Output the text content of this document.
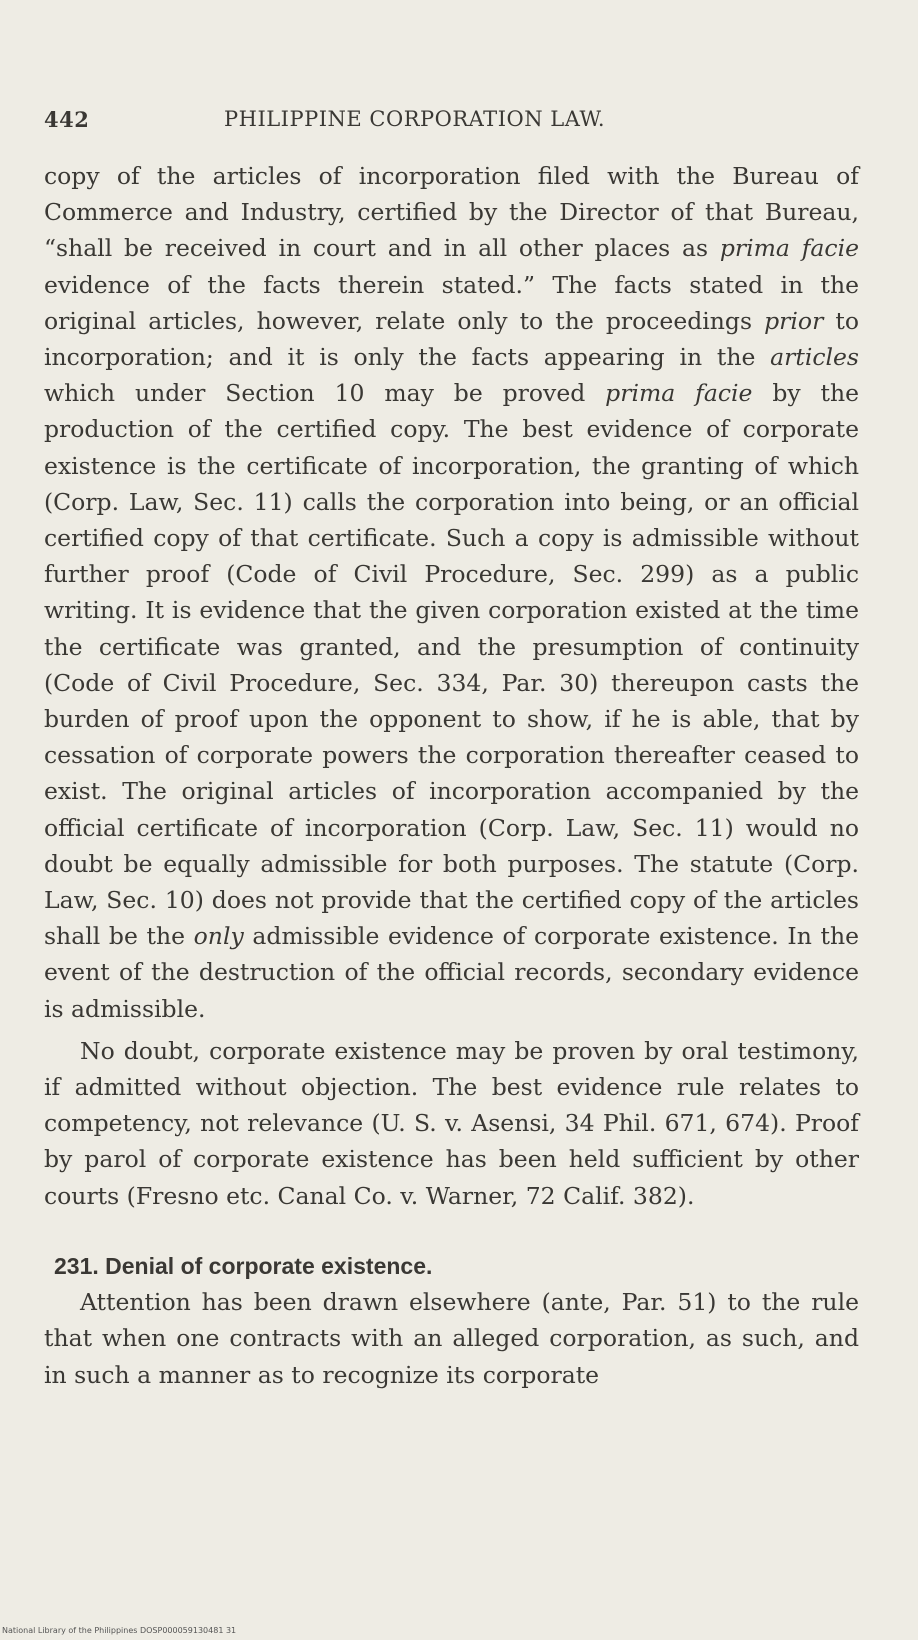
442	PHILIPPINE CORPORATION LAW.

copy of the articles of incorporation filed with the Bureau of Commerce and Industry, certified by the Director of that Bureau, “shall be received in court and in all other places as prima facie evidence of the facts therein stated.” The facts stated in the original articles, however, relate only to the proceedings prior to incorporation; and it is only the facts appearing in the articles which under Section 10 may be proved prima facie by the production of the certified copy. The best evidence of corporate existence is the certificate of incorporation, the granting of which (Corp. Law, Sec. 11) calls the corporation into being, or an official certified copy of that certificate. Such a copy is admissible without further proof (Code of Civil Procedure, Sec. 299) as a public writing. It is evidence that the given corporation existed at the time the certificate was granted, and the presumption of continuity (Code of Civil Procedure, Sec. 334, Par. 30) thereupon casts the burden of proof upon the opponent to show, if he is able, that by cessation of corporate powers the corporation thereafter ceased to exist. The original articles of incorporation accompanied by the official certificate of incorporation (Corp. Law, Sec. 11) would no doubt be equally admissible for both purposes. The statute (Corp. Law, Sec. 10) does not provide that the certified copy of the articles shall be the only admissible evidence of corporate existence. In the event of the destruction of the official records, secondary evidence is admissible.

No doubt, corporate existence may be proven by oral testimony, if admitted without objection. The best evidence rule relates to competency, not relevance (U. S. v. Asensi, 34 Phil. 671, 674). Proof by parol of corporate existence has been held sufficient by other courts (Fresno etc. Canal Co. v. Warner, 72 Calif. 382).

231. Denial of corporate existence.

Attention has been drawn elsewhere (ante, Par. 51) to the rule that when one contracts with an alleged corporation, as such, and in such a manner as to recognize its corporate

National Library of the Philippines DOSP000059130481 31
